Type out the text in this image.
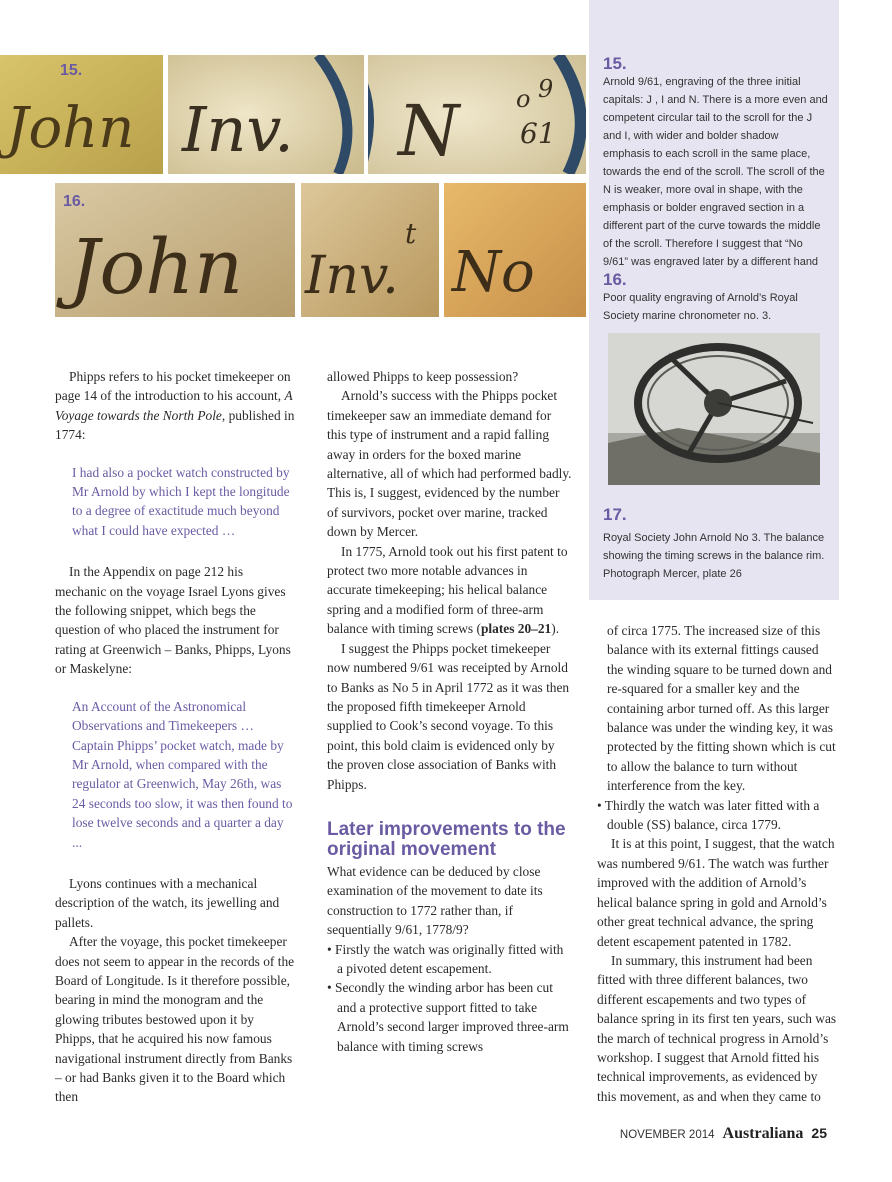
John
15.
Inv. N o 9
61
John
16.
Inv.
t
No
15.
Arnold 9/61, engraving of the three initial capitals: J , I and N. There is a more even and competent circular tail to the scroll for the J and I, with wider and bolder shadow emphasis to each scroll in the same place, towards the end of the scroll. The scroll of the N is weaker, more oval in shape, with the emphasis or bolder engraved section in a different part of the curve towards the middle of the scroll. Therefore I suggest that “No 9/61” was engraved later by a different hand
16.
Poor quality engraving of Arnold’s Royal Society marine chronometer no. 3.
17.
Royal Society John Arnold No 3. The balance showing the timing screws in the balance rim. Photograph Mercer, plate 26

Phipps refers to his pocket timekeeper on page 14 of the introduction to his account, A Voyage towards the North Pole, published in 1774:

I had also a pocket watch constructed by Mr Arnold by which I kept the longitude to a degree of exactitude much beyond what I could have expected …

In the Appendix on page 212 his mechanic on the voyage Israel Lyons gives the following snippet, which begs the question of who placed the instrument for rating at Greenwich – Banks, Phipps, Lyons or Maskelyne:

An Account of the Astronomical Observations and Timekeepers … Captain Phipps’ pocket watch, made by Mr Arnold, when compared with the regulator at Greenwich, May 26th, was 24 seconds too slow, it was then found to lose twelve seconds and a quarter a day ...

Lyons continues with a mechanical description of the watch, its jewelling and pallets.

After the voyage, this pocket timekeeper does not seem to appear in the records of the Board of Longitude. Is it therefore possible, bearing in mind the monogram and the glowing tributes bestowed upon it by Phipps, that he acquired his now famous navigational instrument directly from Banks – or had Banks given it to the Board which then

allowed Phipps to keep possession?

Arnold’s success with the Phipps pocket timekeeper saw an immediate demand for this type of instrument and a rapid falling away in orders for the boxed marine alternative, all of which had performed badly. This is, I suggest, evidenced by the number of survivors, pocket over marine, tracked down by Mercer.

In 1775, Arnold took out his first patent to protect two more notable advances in accurate timekeeping; his helical balance spring and a modified form of three-arm balance with timing screws (plates 20–21).

I suggest the Phipps pocket timekeeper now numbered 9/61 was receipted by Arnold to Banks as No 5 in April 1772 as it was then the proposed fifth timekeeper Arnold supplied to Cook’s second voyage. To this point, this bold claim is evidenced only by the proven close association of Banks with Phipps.

Later improvements to the original movement

What evidence can be deduced by close examination of the movement to date its construction to 1772 rather than, if sequentially 9/61, 1778/9?

• Firstly the watch was originally fitted with a pivoted detent escapement.

• Secondly the winding arbor has been cut and a protective support fitted to take Arnold’s second larger improved three-arm balance with timing screws

of circa 1775. The increased size of this balance with its external fittings caused the winding square to be turned down and re-squared for a smaller key and the containing arbor turned off. As this larger balance was under the winding key, it was protected by the fitting shown which is cut to allow the balance to turn without interference from the key.

• Thirdly the watch was later fitted with a double (SS) balance, circa 1779.

It is at this point, I suggest, that the watch was numbered 9/61. The watch was further improved with the addition of Arnold’s helical balance spring in gold and Arnold’s other great technical advance, the spring detent escapement patented in 1782.

In summary, this instrument had been fitted with three different balances, two different escapements and two types of balance spring in its first ten years, such was the march of technical progress in Arnold’s workshop. I suggest that Arnold fitted his technical improvements, as evidenced by this movement, as and when they came to

NOVEMBER 2014 Australiana 25
